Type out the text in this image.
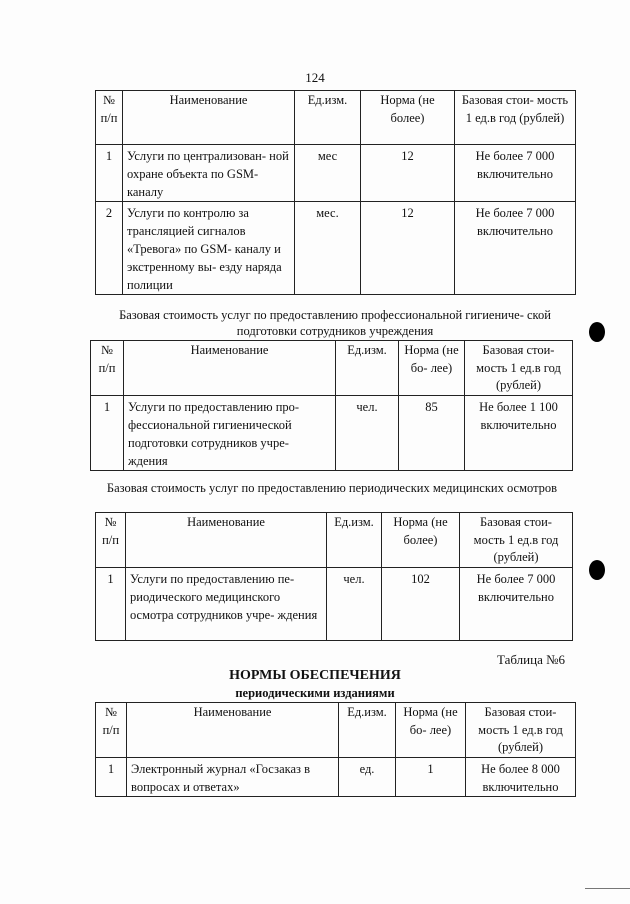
124
№ п/п	Наименование	Ед.изм.	Норма (не более)	Базовая стои- мость 1 ед.в год (рублей)
1	Услуги по централизован- ной охране объекта по GSM-каналу	мес	12	Не более 7 000 включительно
2	Услуги по контролю за трансляцией сигналов «Тревога» по GSM- каналу и экстренному вы- езду наряда полиции	мес.	12	Не более 7 000 включительно
Базовая стоимость услуг по предоставлению профессиональной гигиениче- ской подготовки сотрудников учреждения
№ п/п	Наименование	Ед.изм.	Норма (не бо- лее)	Базовая стои- мость 1 ед.в год (рублей)
1	Услуги по предоставлению про- фессиональной гигиенической подготовки сотрудников учре- ждения	чел.	85	Не более 1 100 включительно
Базовая стоимость услуг по предоставлению периодических медицинских осмотров
№ п/п	Наименование	Ед.изм.	Норма (не более)	Базовая стои- мость 1 ед.в год (рублей)
1	Услуги по предоставлению пе- риодического медицинского осмотра сотрудников учре- ждения	чел.	102	Не более 7 000 включительно
Таблица №6
НОРМЫ ОБЕСПЕЧЕНИЯ
периодическими изданиями
№ п/п	Наименование	Ед.изм.	Норма (не бо- лее)	Базовая стои- мость 1 ед.в год (рублей)
1	Электронный журнал «Госзаказ в вопросах и ответах»	ед.	1	Не более 8 000 включительно
